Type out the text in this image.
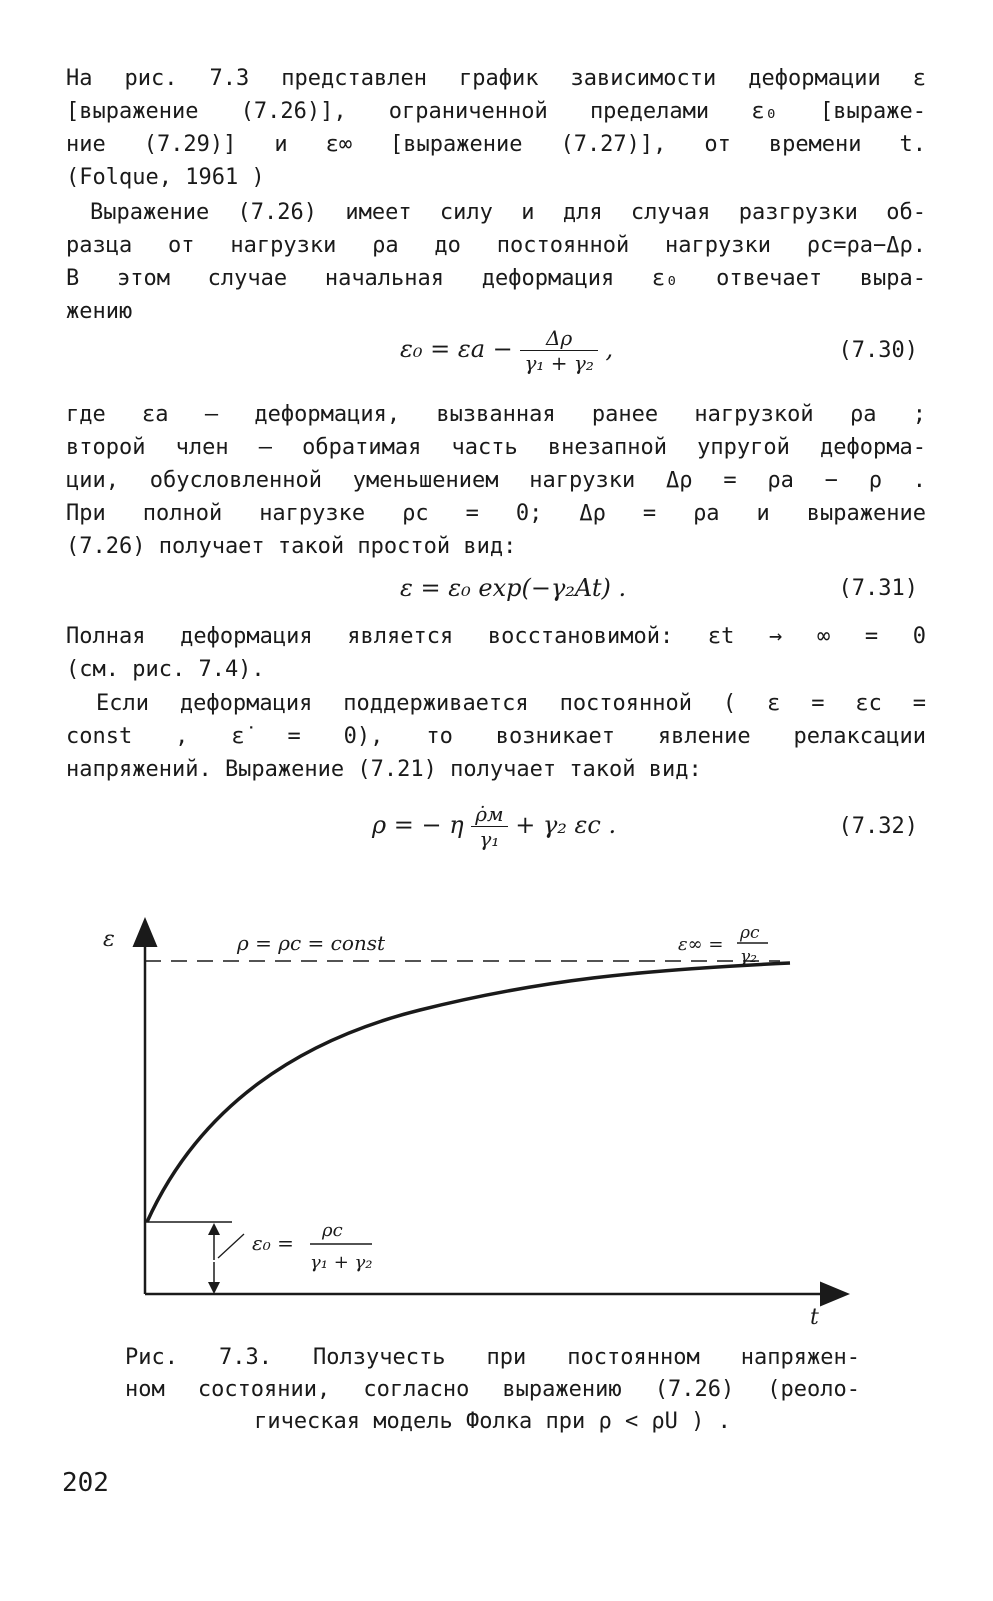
На рис. 7.3 представлен график зависимости деформации ε
[выражение (7.26)], ограниченной пределами ε₀ [выраже-
ние (7.29)] и ε∞ [выражение (7.27)], от времени t.
(Folque, 1961 )
Выражение (7.26) имеет силу и для случая разгрузки об-
разца от нагрузки ρa до постоянной нагрузки ρc=ρa−Δρ.
В этом случае начальная деформация ε₀ отвечает выра-
жению
$\varepsilon_0 = \varepsilon a - \frac{\Delta\rho}{\text{γ₁ + γ₂}}$ ,	(7.30)
где εa – деформация, вызванная ранее нагрузкой ρa ;
второй член – обратимая часть внезапной упругой деформа-
ции, обусловленной уменьшением нагрузки Δρ = ρa − ρ .
При полной нагрузке ρc = 0; Δρ = ρa и выражение
(7.26) получает такой простой вид:
ε = ε₀ exp(−γ₂At) .	(7.31)
Полная деформация является восстановимой: εt → ∞ = 0
(см. рис. 7.4).
Если деформация поддерживается постоянной ( ε = εc =
const , ε̇ = 0), то возникает явление релаксации
напряжений. Выражение (7.21) получает такой вид:
ρ = − η $\frac{\rhȯм}{\text{γ₁}} + \gamma_2$ εc .	(7.32)
ε
t
ρ = ρc = const	ε∞ =
ρc
γ₂
ε₀ =
ρc
γ₁ + γ₂
Рис. 7.3. Ползучесть при постоянном напряжен-
ном состоянии, согласно выражению (7.26) (реоло-
гическая модель Фолка при ρ < ρU ) .
202
